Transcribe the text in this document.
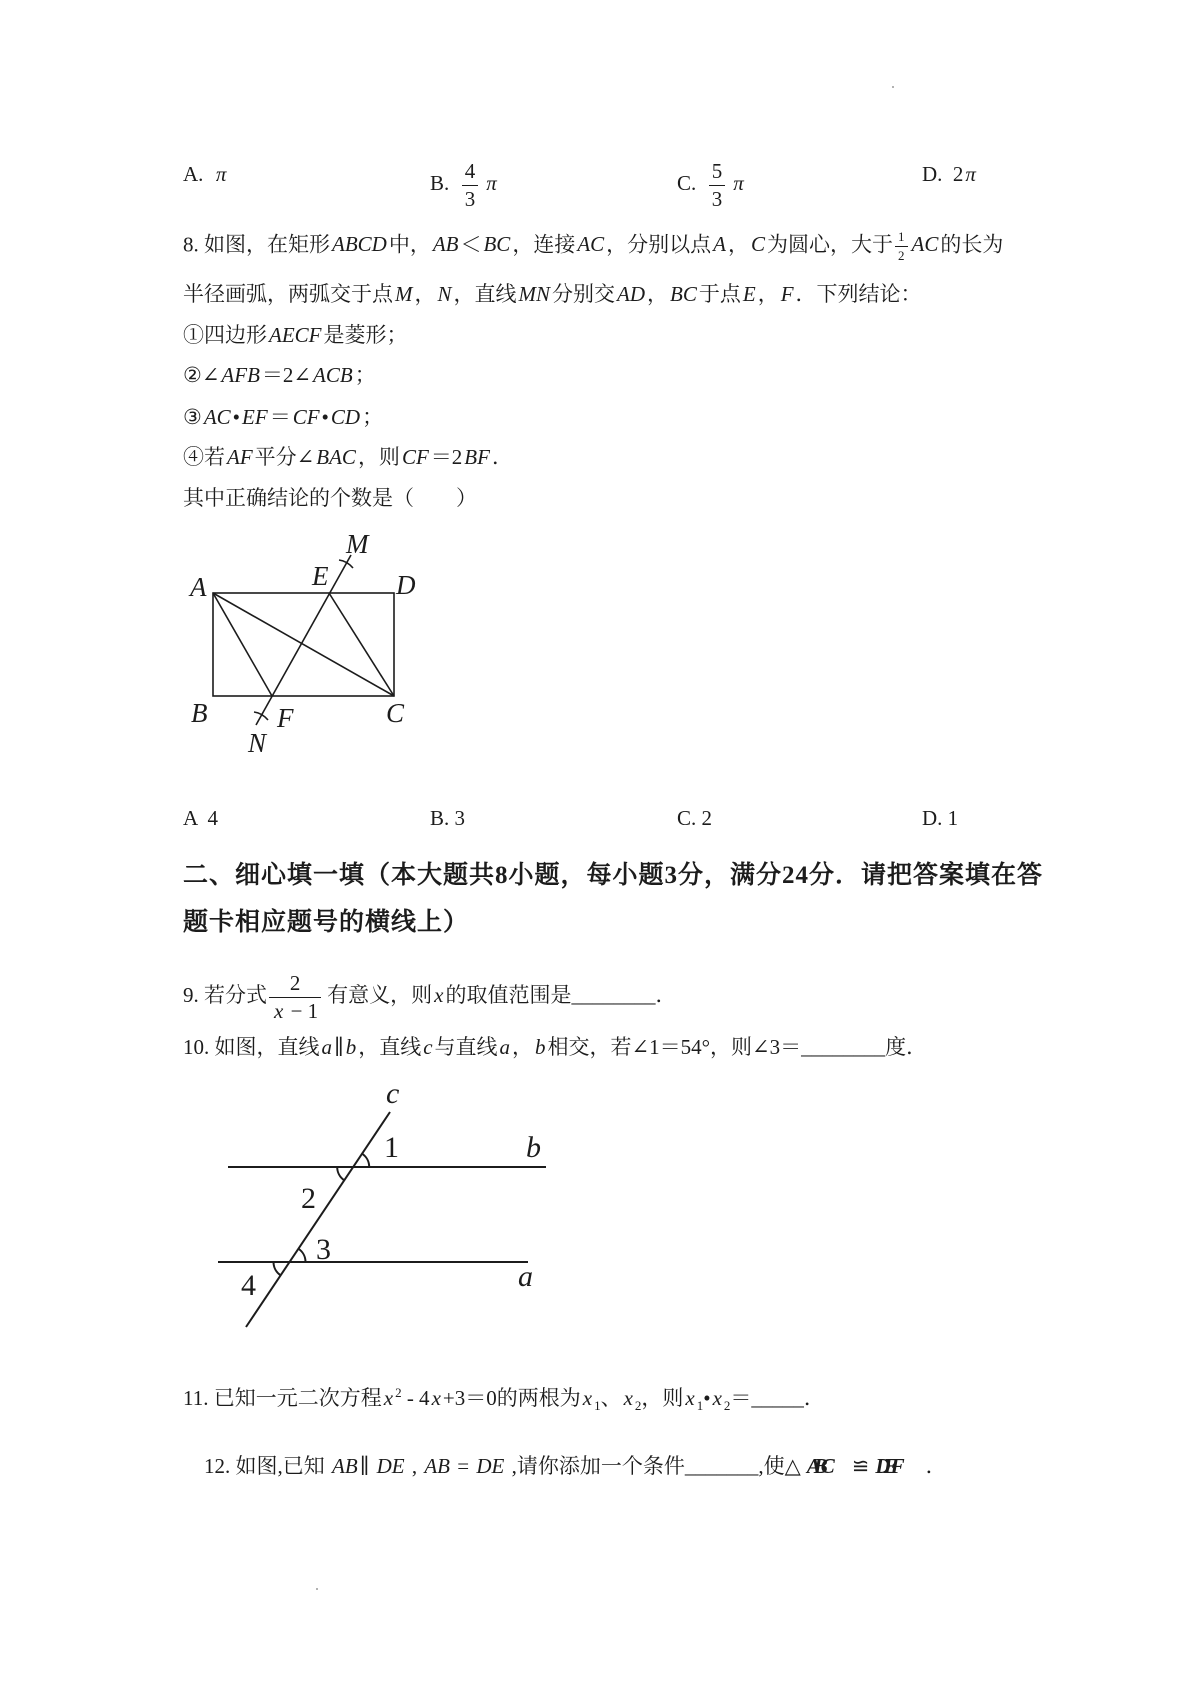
A.  π	B. $\frac{4}{3}$ π	C. $\frac{5}{3}$ π	D.  2π
8. 如图，在矩形ABCD中，AB＜BC，连接AC，分别以点A，C为圆心，大于 $\frac{1}{2}$ AC的长为
半径画弧，两弧交于点M，N，直线MN分别交AD，BC于点E，F．下列结论：
①四边形AECF是菱形；
②∠AFB＝2∠ACB；
③AC•EF＝CF•CD；
④若AF平分∠BAC，则CF＝2BF．
其中正确结论的个数是（　　）
A	E
M
D
B	F	C
N
A  4	B. 3	C. 2	D. 1
二、细心填一填（本大题共8小题，每小题3分，满分24分．请把答案填在答
题卡相应题号的横线上）
9. 若分式 $\frac{2}{x - 1}$ 有意义，则x的取值范围是________．
10. 如图，直线a∥b，直线c与直线a，b相交，若∠1＝54°，则∠3＝________度．
c
1	b
2
3
a
4
11. 已知一元二次方程x $^2$ - 4x+3＝0的两根为x $_1$、x $_2$，则x $_1$•x $_2$＝_____．

12. 如图,已知 AB∥ DE , AB = DE ,请你添加一个条件_______,使△ ABC ≌ DEF ．
